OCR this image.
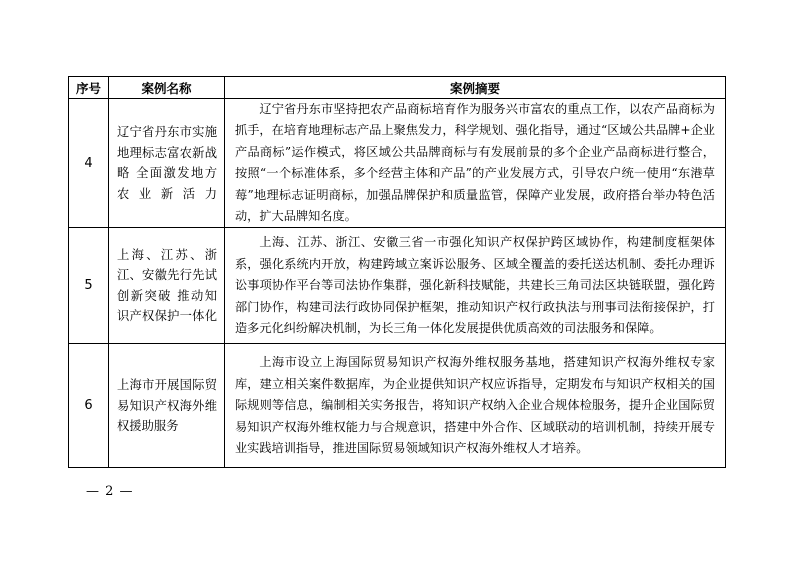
序号	案例名称	案例摘要
4	辽宁省丹东市实施地理标志富农新战略 全面激发地方农业新活力	辽宁省丹东市坚持把农产品商标培育作为服务兴市富农的重点工作，以农产品商标为抓手，在培育地理标志产品上聚焦发力，科学规划、强化指导，通过“区域公共品牌+企业产品商标”运作模式，将区域公共品牌商标与有发展前景的多个企业产品商标进行整合，按照“一个标准体系，多个经营主体和产品”的产业发展方式，引导农户统一使用“东港草莓”地理标志证明商标，加强品牌保护和质量监管，保障产业发展，政府搭台举办特色活动，扩大品牌知名度。
5	上海、江苏、浙江、安徽先行先试创新突破 推动知识产权保护一体化	上海、江苏、浙江、安徽三省一市强化知识产权保护跨区域协作，构建制度框架体系，强化系统内开放，构建跨域立案诉讼服务、区域全覆盖的委托送达机制、委托办理诉讼事项协作平台等司法协作集群，强化新科技赋能，共建长三角司法区块链联盟，强化跨部门协作，构建司法行政协同保护框架，推动知识产权行政执法与刑事司法衔接保护，打造多元化纠纷解决机制，为长三角一体化发展提供优质高效的司法服务和保障。
6	上海市开展国际贸易知识产权海外维权援助服务	上海市设立上海国际贸易知识产权海外维权服务基地，搭建知识产权海外维权专家库，建立相关案件数据库，为企业提供知识产权应诉指导，定期发布与知识产权相关的国际规则等信息，编制相关实务报告，将知识产权纳入企业合规体检服务，提升企业国际贸易知识产权海外维权能力与合规意识，搭建中外合作、区域联动的培训机制，持续开展专业实践培训指导，推进国际贸易领域知识产权海外维权人才培养。
— 2 —
